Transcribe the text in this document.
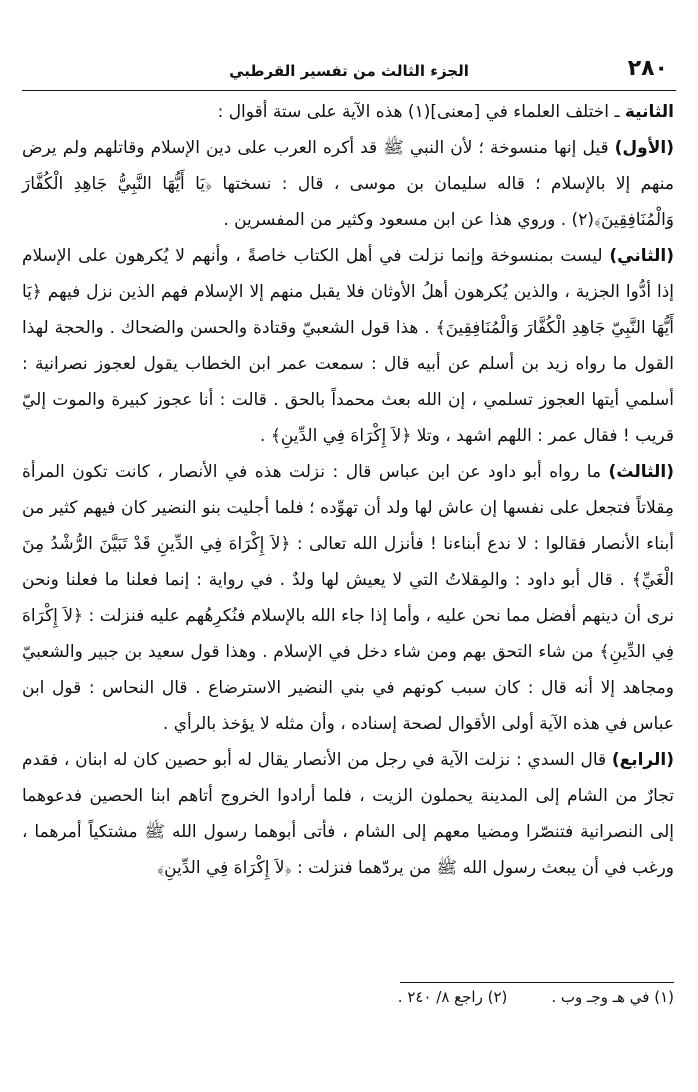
٢٨٠
الجزء الثالث من تفسير القرطبي

الثانية ـ اختلف العلماء في [معنى](١) هذه الآية على ستة أقوال :

(الأول) قيل إنها منسوخة ؛ لأن النبي ﷺ قد أكره العرب على دين الإسلام وقاتلهم ولم يرض منهم إلا بالإسلام ؛ قاله سليمان بن موسى ، قال : نسختها ﴿يَا أَيُّهَا النَّبِيُّ جَاهِدِ الْكُفَّارَ وَالْمُنَافِقِينَ﴾(٢) . وروي هذا عن ابن مسعود وكثير من المفسرين .

(الثاني) ليست بمنسوخة وإنما نزلت في أهل الكتاب خاصةً ، وأنهم لا يُكرهون على الإسلام إذا أدُّوا الجزية ، والذين يُكرهون أهلُ الأوثان فلا يقبل منهم إلا الإسلام فهم الذين نزل فيهم ﴿يَا أَيُّهَا النَّبِيّ جَاهِدِ الْكُفَّارَ وَالْمُنَافِقِينَ﴾ . هذا قول الشعبيّ وقتادة والحسن والضحاك . والحجة لهذا القول ما رواه زيد بن أسلم عن أبيه قال : سمعت عمر ابن الخطاب يقول لعجوز نصرانية : أسلمي أيتها العجوز تسلمي ، إن الله بعث محمداً بالحق . قالت : أنا عجوز كبيرة والموت إليّ قريب ! فقال عمر : اللهم اشهد ، وتلا ﴿لاَ إِكْرَاهَ فِي الدِّينِ﴾ .

(الثالث) ما رواه أبو داود عن ابن عباس قال : نزلت هذه في الأنصار ، كانت تكون المرأة مِقلاتاً فتجعل على نفسها إن عاش لها ولد أن تهوِّده ؛ فلما أجليت بنو النضير كان فيهم كثير من أبناء الأنصار فقالوا : لا ندع أبناءنا ! فأنزل الله تعالى : ﴿لاَ إِكْرَاهَ فِي الدِّينِ قَدْ تَبَيَّنَ الرُّشْدُ مِنَ الْغَيِّ﴾ . قال أبو داود : والمِقلاتُ التي لا يعيش لها ولدٌ . في رواية : إنما فعلنا ما فعلنا ونحن نرى أن دينهم أفضل مما نحن عليه ، وأما إذا جاء الله بالإسلام فنُكرِهُهم عليه فنزلت : ﴿لاَ إِكْرَاهَ فِي الدِّينِ﴾ من شاء التحق بهم ومن شاء دخل في الإسلام . وهذا قول سعيد بن جبير والشعبيّ ومجاهد إلا أنه قال : كان سبب كونهم في بني النضير الاسترضاع . قال النحاس : قول ابن عباس في هذه الآية أولى الأقوال لصحة إسناده ، وأن مثله لا يؤخذ بالرأي .

(الرابع) قال السدي : نزلت الآية في رجل من الأنصار يقال له أبو حصين كان له ابنان ، فقدم تجارٌ من الشام إلى المدينة يحملون الزيت ، فلما أرادوا الخروج أتاهم ابنا الحصين فدعوهما إلى النصرانية فتنصّرا ومضيا معهم إلى الشام ، فأتى أبوهما رسول الله ﷺ مشتكياً أمرهما ، ورغب في أن يبعث رسول الله ﷺ من يردّهما فنزلت : ﴿لاَ إِكْرَاهَ فِي الدِّينِ﴾

(١) في هـ وجـ وب .(٢) راجع ٨/ ٢٤٠ .
